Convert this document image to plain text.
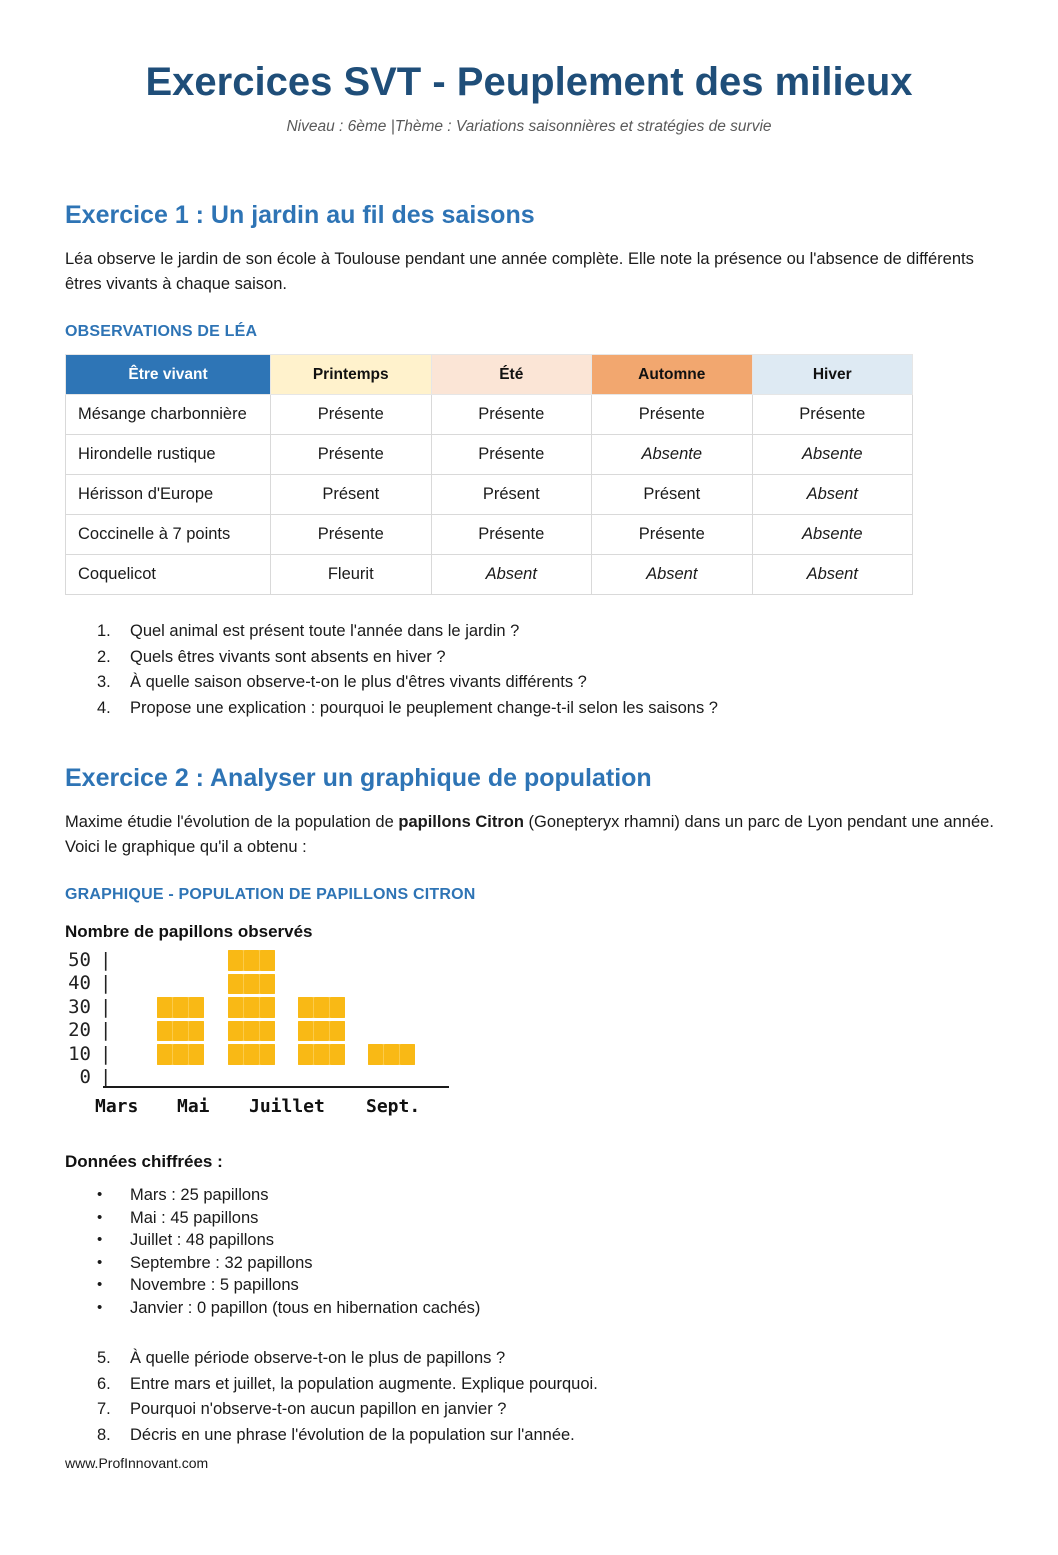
Exercices SVT - Peuplement des milieux
Niveau : 6ème |Thème : Variations saisonnières et stratégies de survie
Exercice 1 : Un jardin au fil des saisons

Léa observe le jardin de son école à Toulouse pendant une année complète. Elle note la présence ou l'absence de différents êtres vivants à chaque saison.

OBSERVATIONS DE LÉA
Être vivant	Printemps	Été	Automne	Hiver
Mésange charbonnière	Présente	Présente	Présente	Présente
Hirondelle rustique	Présente	Présente	Absente	Absente
Hérisson d'Europe	Présent	Présent	Présent	Absent
Coccinelle à 7 points	Présente	Présente	Présente	Absente
Coquelicot	Fleurit	Absent	Absent	Absent
1.	Quel animal est présent toute l'année dans le jardin ?
2.	Quels êtres vivants sont absents en hiver ?
3.	À quelle saison observe-t-on le plus d'êtres vivants différents ?
4.	Propose une explication : pourquoi le peuplement change-t-il selon les saisons ?
Exercice 2 : Analyser un graphique de population

Maxime étudie l'évolution de la population de papillons Citron (Gonepteryx rhamni) dans un parc de Lyon pendant une année. Voici le graphique qu'il a obtenu :

GRAPHIQUE - POPULATION DE PAPILLONS CITRON
Nombre de papillons observés
50 |
40 |
30 |
20 |
10 |
0 |
Mars Mai Juillet Sept.
Données chiffrées :
• Mars : 25 papillons
• Mai : 45 papillons
• Juillet : 48 papillons
• Septembre : 32 papillons
• Novembre : 5 papillons
• Janvier : 0 papillon (tous en hibernation cachés)
5.	À quelle période observe-t-on le plus de papillons ?
6.	Entre mars et juillet, la population augmente. Explique pourquoi.
7.	Pourquoi n'observe-t-on aucun papillon en janvier ?
8.	Décris en une phrase l'évolution de la population sur l'année.
www.ProfInnovant.com
